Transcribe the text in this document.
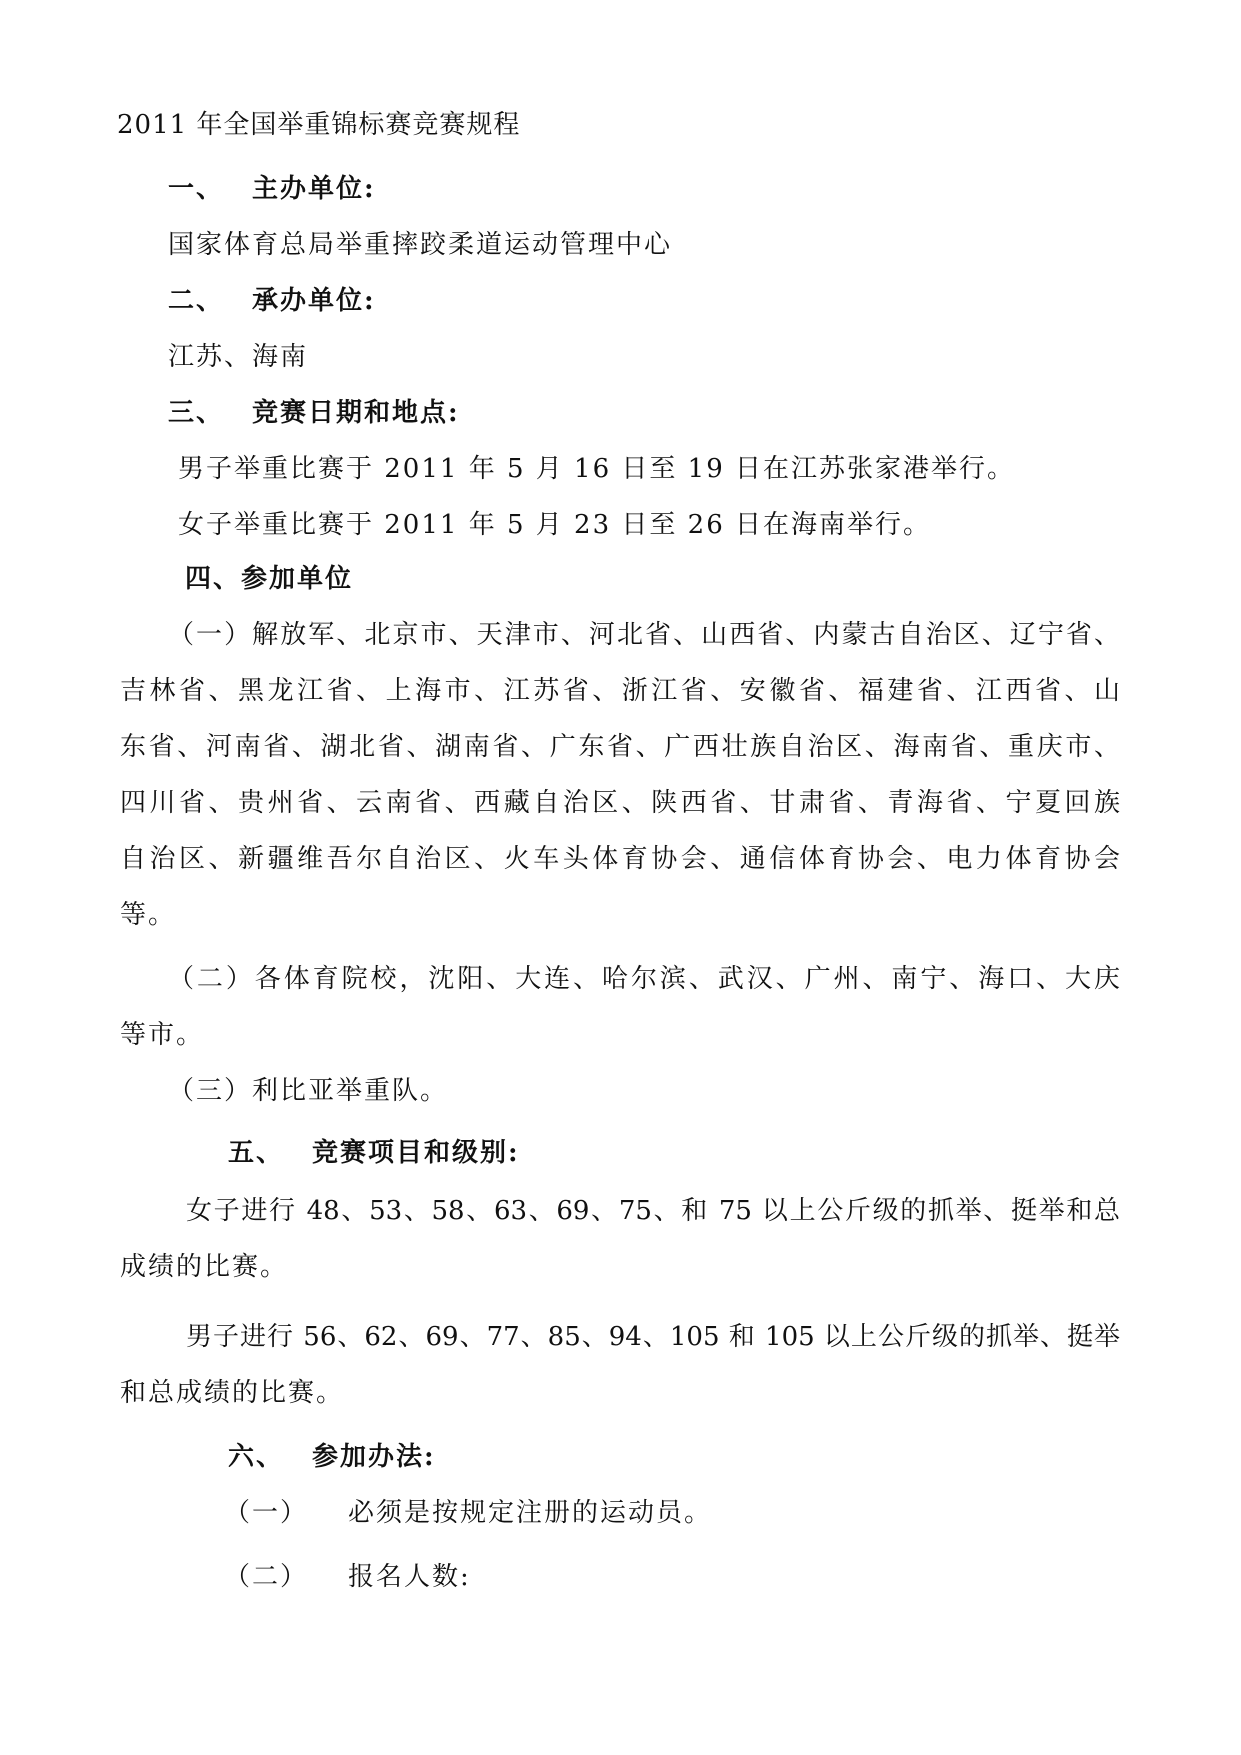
2011 年全国举重锦标赛竞赛规程
一、 主办单位:
国家体育总局举重摔跤柔道运动管理中心
二、 承办单位:
江苏、海南
三、 竞赛日期和地点:
男子举重比赛于 2011 年 5 月 16 日至 19 日在江苏张家港举行。
女子举重比赛于 2011 年 5 月 23 日至 26 日在海南举行。
四、参加单位
（一）解放军、北京市、天津市、河北省、山西省、内蒙古自治区、辽宁省、
吉林省、黑龙江省、上海市、江苏省、浙江省、安徽省、福建省、江西省、山
东省、河南省、湖北省、湖南省、广东省、广西壮族自治区、海南省、重庆市、
四川省、贵州省、云南省、西藏自治区、陕西省、甘肃省、青海省、宁夏回族
自治区、新疆维吾尔自治区、火车头体育协会、通信体育协会、电力体育协会
等。
（二）各体育院校，沈阳、大连、哈尔滨、武汉、广州、南宁、海口、大庆
等市。
（三）利比亚举重队。
五、 竞赛项目和级别:
女子进行 48、53、58、63、69、75、和 75 以上公斤级的抓举、挺举和总
成绩的比赛。
男子进行 56、62、69、77、85、94、105 和 105 以上公斤级的抓举、挺举
和总成绩的比赛。
六、 参加办法:
（一） 必须是按规定注册的运动员。
（二） 报名人数:
